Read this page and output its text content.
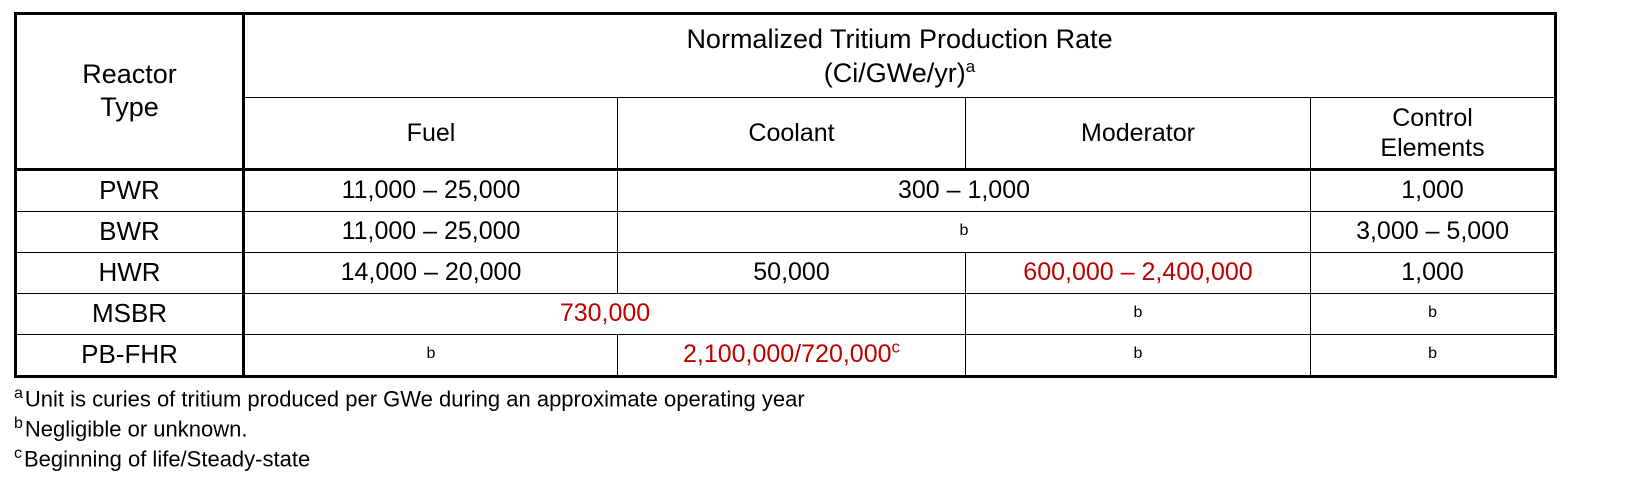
Reactor
Type

Normalized Tritium Production Rate
$(Ci/GWe/yr)^a$

	Fuel	Coolant	Moderator	Control
Elements

PWR	11,000 – 25,000	300 – 1,000		1,000
BWR	11,000 – 25,000	b		3,000 – 5,000
HWR	14,000 – 20,000	50,000	600,000 – 2,400,000	1,000
MSBR	730,000		b	b
PB-FHR	b	2,100,000/720,000$^c$	b	b
$^a$Unit is curies of tritium produced per GWe during an approximate operating year
$^b$Negligible or unknown.
$^c$Beginning of life/Steady-state
